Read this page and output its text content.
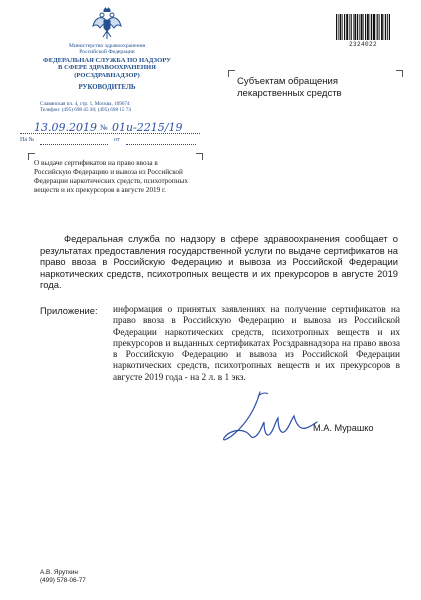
Министерство здравоохранения
Российской Федерации
ФЕДЕРАЛЬНАЯ СЛУЖБА ПО НАДЗОРУ
В СФЕРЕ ЗДРАВООХРАНЕНИЯ
(РОСЗДРАВНАДЗОР)
РУКОВОДИТЕЛЬ
Славянская пл. 4, стр. 1, Москва, 109074
Телефон: (495) 698 45 38; (495) 698 15 74
13.09.2019 № 01и-2215/19
На №	от
2324022
Субъектам обращения
лекарственных средств
О выдаче сертификатов на право ввоза в Российскую Федерацию и вывоза из Российской Федерации наркотических средств, психотропных веществ и их прекурсоров в августе 2019 г.
Федеральная служба по надзору в сфере здравоохранения сообщает о результатах предоставления государственной услуги по выдаче сертификатов на право ввоза в Российскую Федерацию и вывоза из Российской Федерации наркотических средств, психотропных веществ и их прекурсоров в августе 2019 года.
Приложение: информация о принятых заявлениях на получение сертификатов на право ввоза в Российскую Федерацию и вывоза из Российской Федерации наркотических средств, психотропных веществ и их прекурсоров и выданных сертификатах Росздравнадзора на право ввоза в Российскую Федерацию и вывоза из Российской Федерации наркотических средств, психотропных веществ и их прекурсоров в августе 2019 года - на 2 л. в 1 экз.
М.А. Мурашко
А.В. Яруткин
(499) 578-06-77
